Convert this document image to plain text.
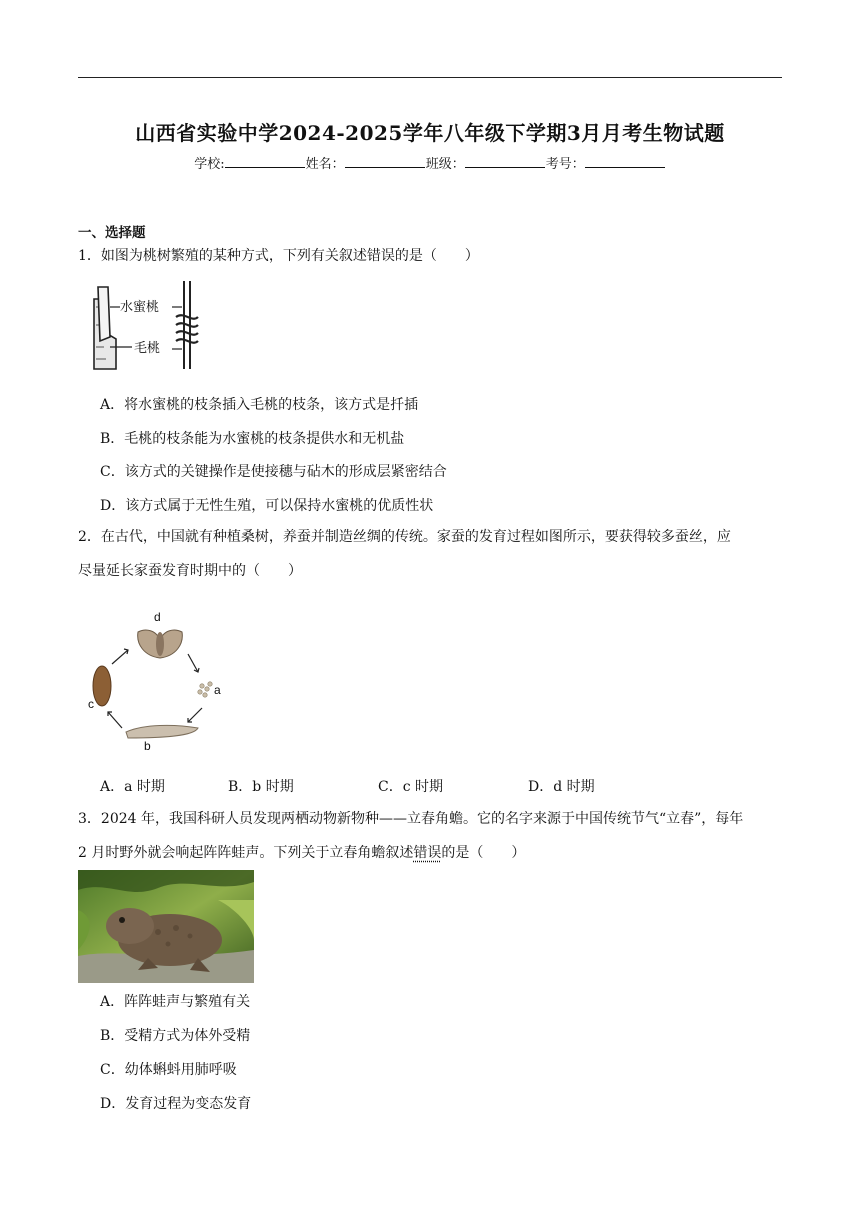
山西省实验中学2024-2025学年八年级下学期3月月考生物试题
学校:	姓名：	班级：	考号：
一、选择题
1．如图为桃树繁殖的某种方式，下列有关叙述错误的是（　　）
水蜜桃
毛桃
A．将水蜜桃的枝条插入毛桃的枝条，该方式是扦插
B．毛桃的枝条能为水蜜桃的枝条提供水和无机盐
C．该方式的关键操作是使接穗与砧木的形成层紧密结合
D．该方式属于无性生殖，可以保持水蜜桃的优质性状
2．在古代，中国就有种植桑树，养蚕并制造丝绸的传统。家蚕的发育过程如图所示，要获得较多蚕丝，应
尽量延长家蚕发育时期中的（　　）
d
a
b
c
A．a 时期	B．b 时期	C．c 时期	D．d 时期
3．2024 年，我国科研人员发现两栖动物新物种——立春角蟾。它的名字来源于中国传统节气“立春”，每年
2 月时野外就会响起阵阵蛙声。下列关于立春角蟾叙述错误的是（　　）
A．阵阵蛙声与繁殖有关
B．受精方式为体外受精
C．幼体蝌蚪用肺呼吸
D．发育过程为变态发育
